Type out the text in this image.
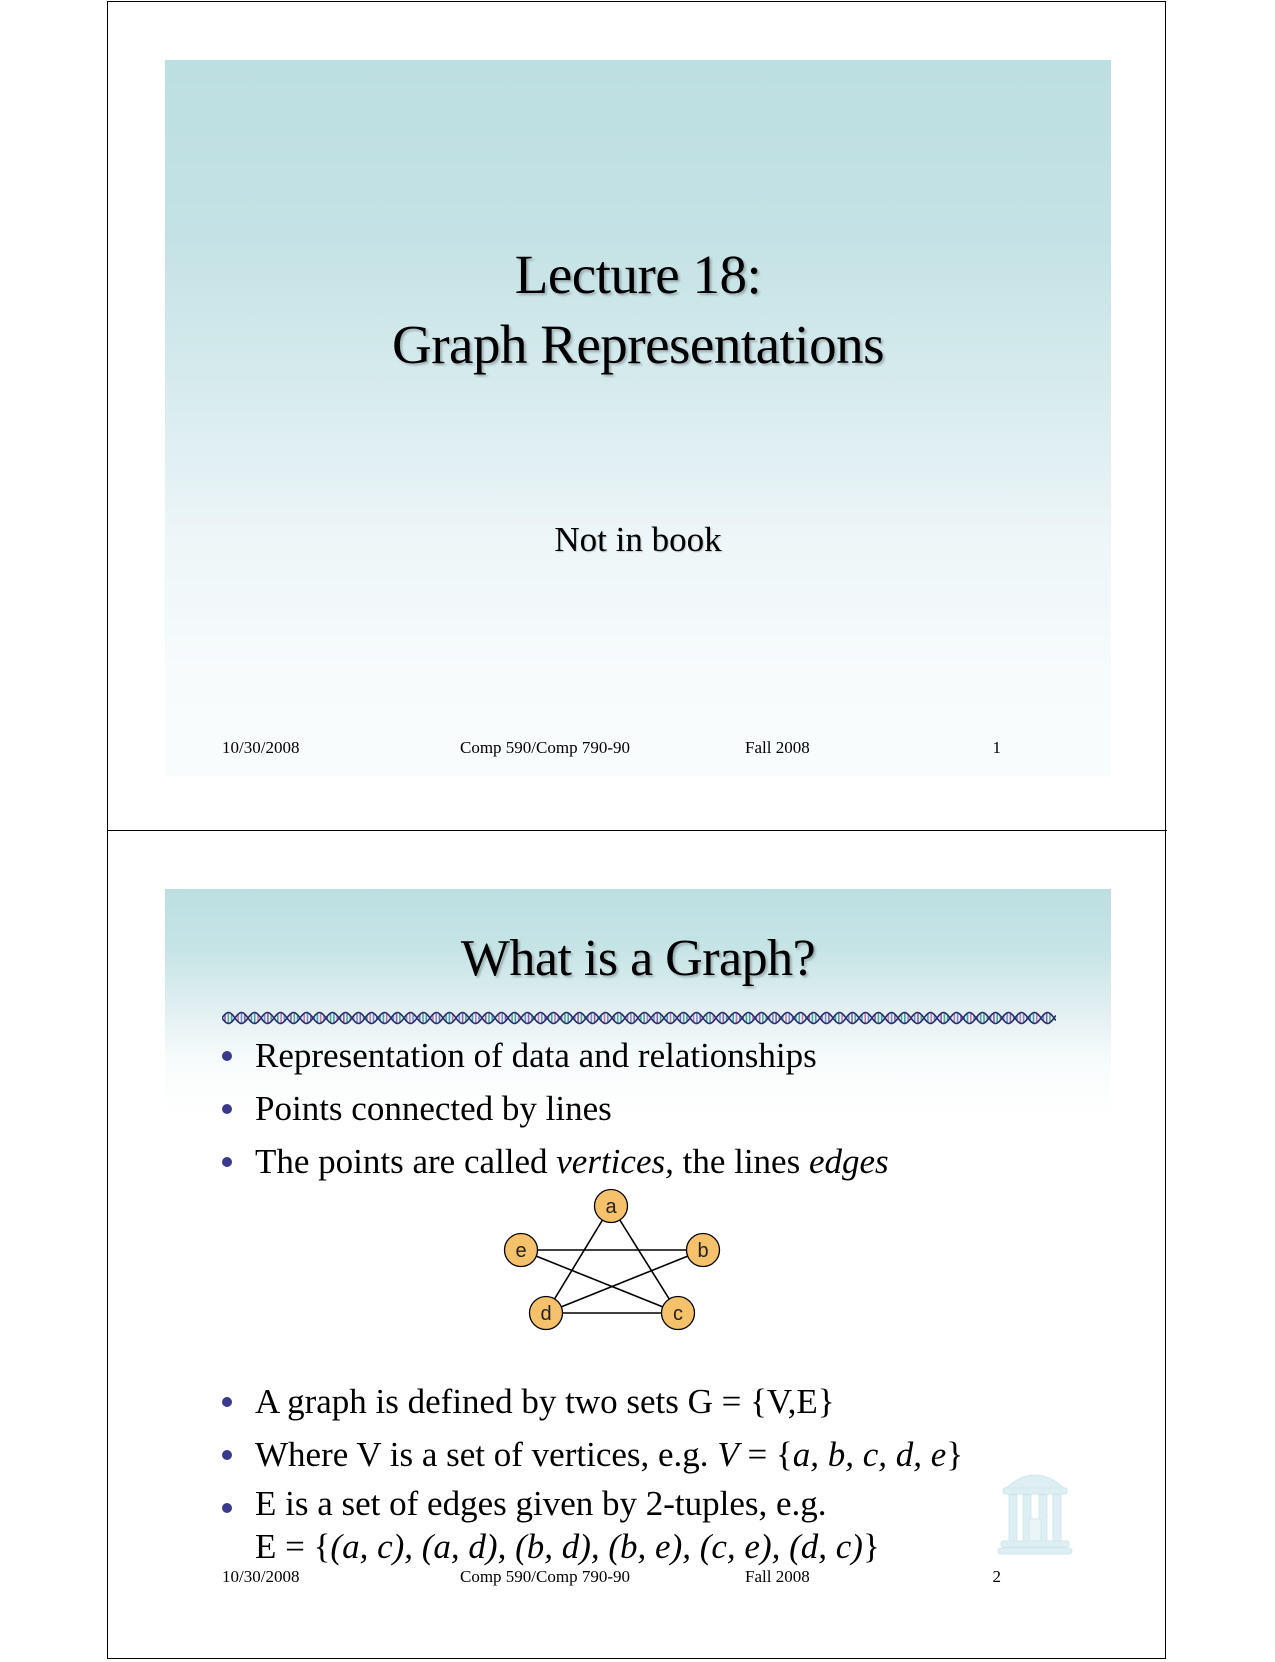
Lecture 18:
Graph Representations
Not in book
10/30/2008	Comp 590/Comp 790-90	Fall 2008	1
What is a Graph?
Representation of data and relationships
Points connected by lines
The points are called vertices, the lines edges
a
b
c
d
e
A graph is defined by two sets G = {V,E}
Where V is a set of vertices, e.g. V = {a, b, c, d, e}
E is a set of edges given by 2-tuples, e.g.
E = {(a, c), (a, d), (b, d), (b, e), (c, e), (d, c)}
10/30/2008	Comp 590/Comp 790-90	Fall 2008	2
